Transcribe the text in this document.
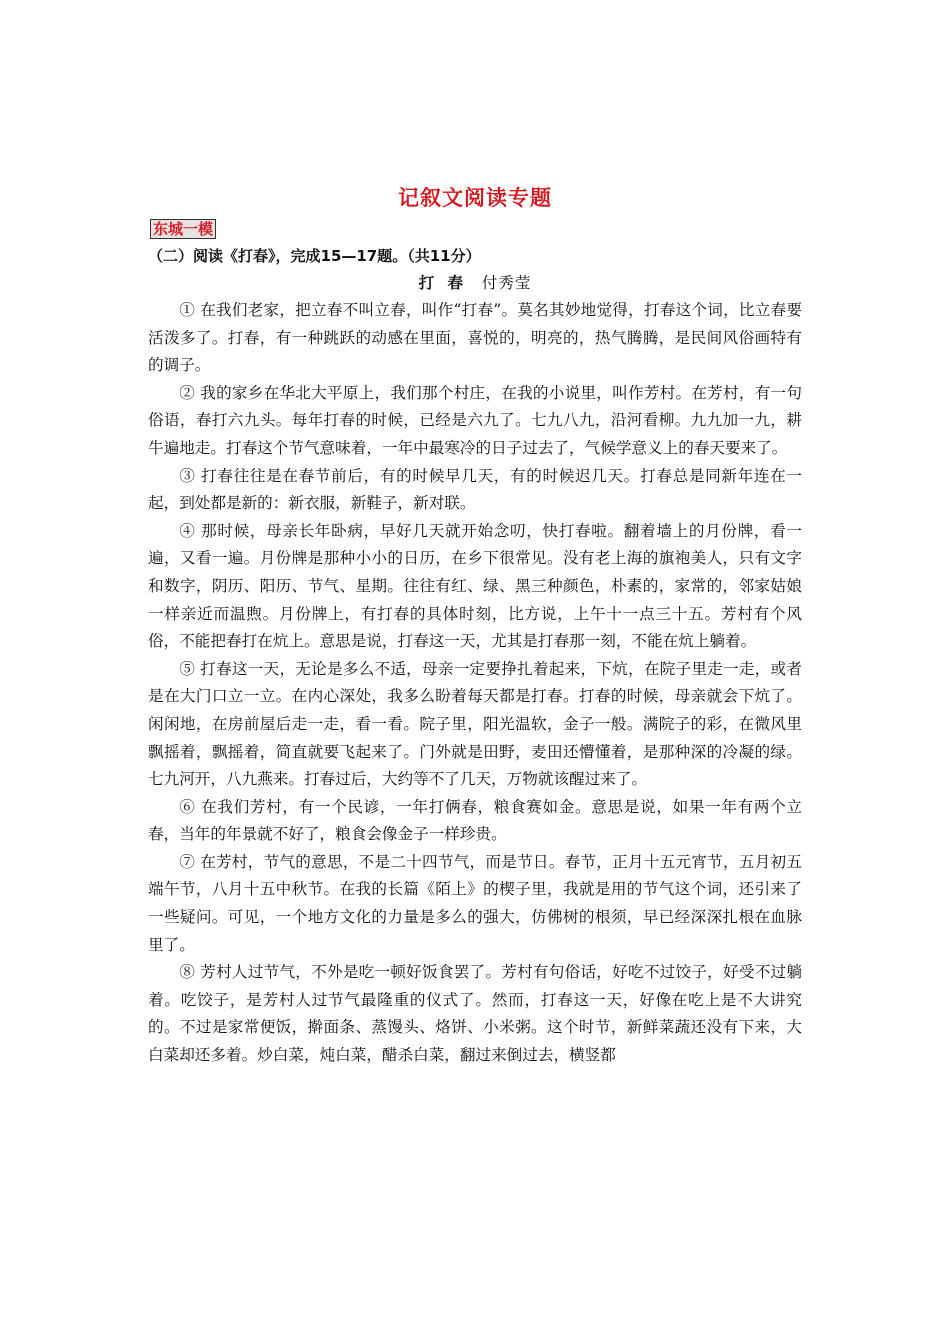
记叙文阅读专题
东城一模

（二）阅读《打春》，完成15—17题。（共11分）

打 春 付秀莹

① 在我们老家，把立春不叫立春，叫作“打春”。莫名其妙地觉得，打春这个词，比立春要活泼多了。打春，有一种跳跃的动感在里面，喜悦的，明亮的，热气腾腾，是民间风俗画特有的调子。

② 我的家乡在华北大平原上，我们那个村庄，在我的小说里，叫作芳村。在芳村，有一句俗语，春打六九头。每年打春的时候，已经是六九了。七九八九，沿河看柳。九九加一九，耕牛遍地走。打春这个节气意味着，一年中最寒冷的日子过去了，气候学意义上的春天要来了。

③ 打春往往是在春节前后，有的时候早几天，有的时候迟几天。打春总是同新年连在一起，到处都是新的：新衣服，新鞋子，新对联。

④ 那时候，母亲长年卧病，早好几天就开始念叨，快打春啦。翻着墙上的月份牌，看一遍，又看一遍。月份牌是那种小小的日历，在乡下很常见。没有老上海的旗袍美人，只有文字和数字，阴历、阳历、节气、星期。往往有红、绿、黑三种颜色，朴素的，家常的，邻家姑娘一样亲近而温煦。月份牌上，有打春的具体时刻，比方说，上午十一点三十五。芳村有个风俗，不能把春打在炕上。意思是说，打春这一天，尤其是打春那一刻，不能在炕上躺着。

⑤ 打春这一天，无论是多么不适，母亲一定要挣扎着起来，下炕，在院子里走一走，或者是在大门口立一立。在内心深处，我多么盼着每天都是打春。打春的时候，母亲就会下炕了。闲闲地，在房前屋后走一走，看一看。院子里，阳光温软，金子一般。满院子的彩，在微风里飘摇着，飘摇着，简直就要飞起来了。门外就是田野，麦田还懵懂着，是那种深的冷凝的绿。七九河开，八九燕来。打春过后，大约等不了几天，万物就该醒过来了。

⑥ 在我们芳村，有一个民谚，一年打俩春，粮食赛如金。意思是说，如果一年有两个立春，当年的年景就不好了，粮食会像金子一样珍贵。

⑦ 在芳村，节气的意思，不是二十四节气，而是节日。春节，正月十五元宵节，五月初五端午节，八月十五中秋节。在我的长篇《陌上》的楔子里，我就是用的节气这个词，还引来了一些疑问。可见，一个地方文化的力量是多么的强大，仿佛树的根须，早已经深深扎根在血脉里了。

⑧ 芳村人过节气，不外是吃一顿好饭食罢了。芳村有句俗话，好吃不过饺子，好受不过躺着。吃饺子，是芳村人过节气最隆重的仪式了。然而，打春这一天，好像在吃上是不大讲究的。不过是家常便饭，擀面条、蒸馒头、烙饼、小米粥。这个时节，新鲜菜蔬还没有下来，大白菜却还多着。炒白菜，炖白菜，醋杀白菜，翻过来倒过去，横竖都
